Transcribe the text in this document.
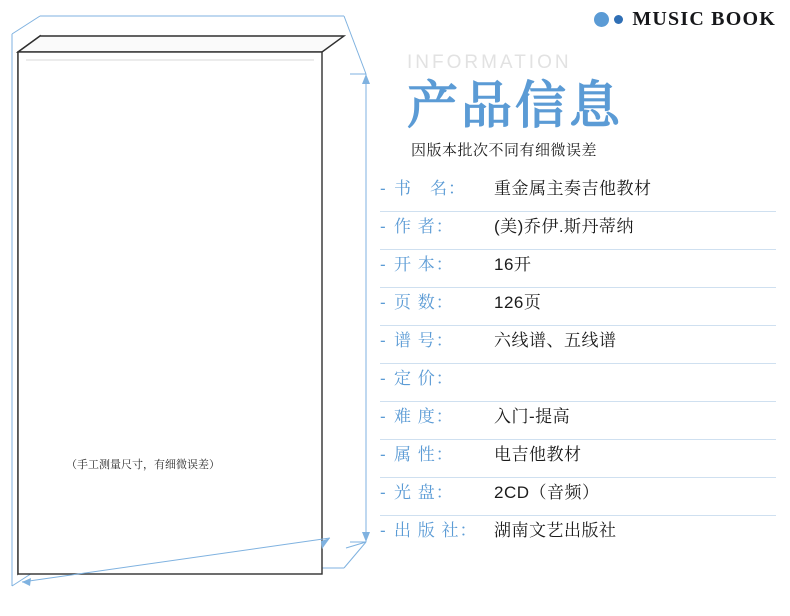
MUSIC BOOK
（手工测量尺寸，有细微误差）
INFORMATION
产品信息
因版本批次不同有细微误差
- 书　名：	重金属主奏吉他教材
- 作 者：	(美)乔伊.斯丹蒂纳
- 开 本：	16开
- 页 数：	126页
- 谱 号：	六线谱、五线谱
- 定 价：
- 难 度：	入门-提高
- 属 性：	电吉他教材
- 光 盘：	2CD（音频）
- 出 版 社： 湖南文艺出版社
